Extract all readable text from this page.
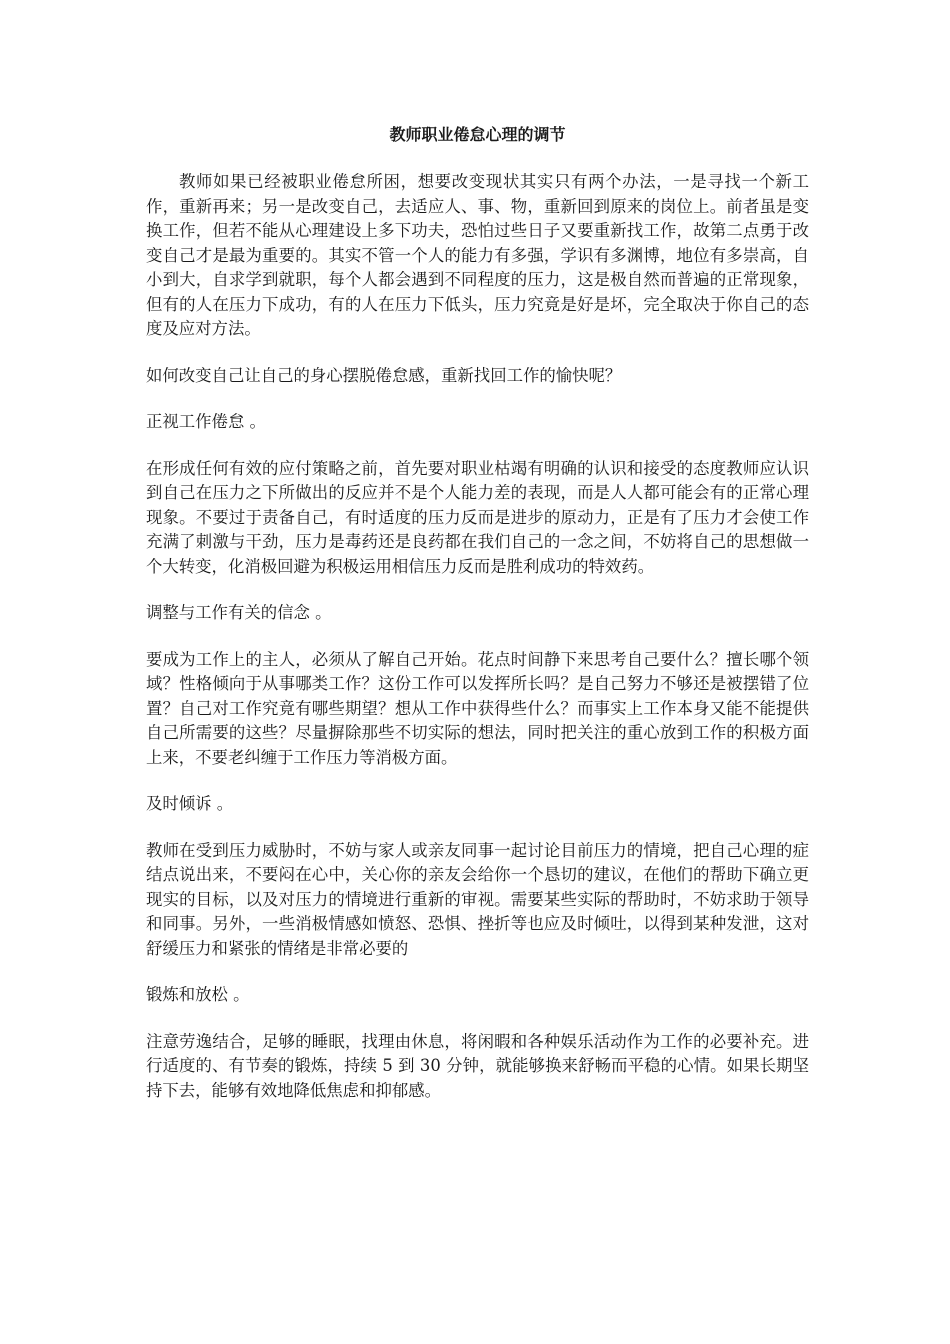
教师职业倦怠心理的调节

教师如果已经被职业倦怠所困，想要改变现状其实只有两个办法，一是寻找一个新工作，重新再来；另一是改变自己，去适应人、事、物，重新回到原来的岗位上。前者虽是变换工作，但若不能从心理建设上多下功夫，恐怕过些日子又要重新找工作，故第二点勇于改变自己才是最为重要的。其实不管一个人的能力有多强，学识有多渊博，地位有多崇高，自小到大，自求学到就职，每个人都会遇到不同程度的压力，这是极自然而普遍的正常现象，但有的人在压力下成功，有的人在压力下低头，压力究竟是好是坏，完全取决于你自己的态度及应对方法。

如何改变自己让自己的身心摆脱倦怠感，重新找回工作的愉快呢？

正视工作倦怠 。

在形成任何有效的应付策略之前，首先要对职业枯竭有明确的认识和接受的态度教师应认识到自己在压力之下所做出的反应并不是个人能力差的表现，而是人人都可能会有的正常心理现象。不要过于责备自己，有时适度的压力反而是进步的原动力，正是有了压力才会使工作充满了刺激与干劲，压力是毒药还是良药都在我们自己的一念之间，不妨将自己的思想做一个大转变，化消极回避为积极运用相信压力反而是胜利成功的特效药。

调整与工作有关的信念 。

要成为工作上的主人，必须从了解自己开始。花点时间静下来思考自己要什么？擅长哪个领域？性格倾向于从事哪类工作？这份工作可以发挥所长吗？是自己努力不够还是被摆错了位置？自己对工作究竟有哪些期望？想从工作中获得些什么？而事实上工作本身又能不能提供自己所需要的这些？尽量摒除那些不切实际的想法，同时把关注的重心放到工作的积极方面上来，不要老纠缠于工作压力等消极方面。

及时倾诉 。

教师在受到压力威胁时，不妨与家人或亲友同事一起讨论目前压力的情境，把自己心理的症结点说出来，不要闷在心中，关心你的亲友会给你一个恳切的建议，在他们的帮助下确立更现实的目标，以及对压力的情境进行重新的审视。需要某些实际的帮助时，不妨求助于领导和同事。另外，一些消极情感如愤怒、恐惧、挫折等也应及时倾吐，以得到某种发泄，这对舒缓压力和紧张的情绪是非常必要的

锻炼和放松 。

注意劳逸结合，足够的睡眠，找理由休息，将闲暇和各种娱乐活动作为工作的必要补充。进行适度的、有节奏的锻炼，持续 5 到 30 分钟，就能够换来舒畅而平稳的心情。如果长期坚持下去，能够有效地降低焦虑和抑郁感。
